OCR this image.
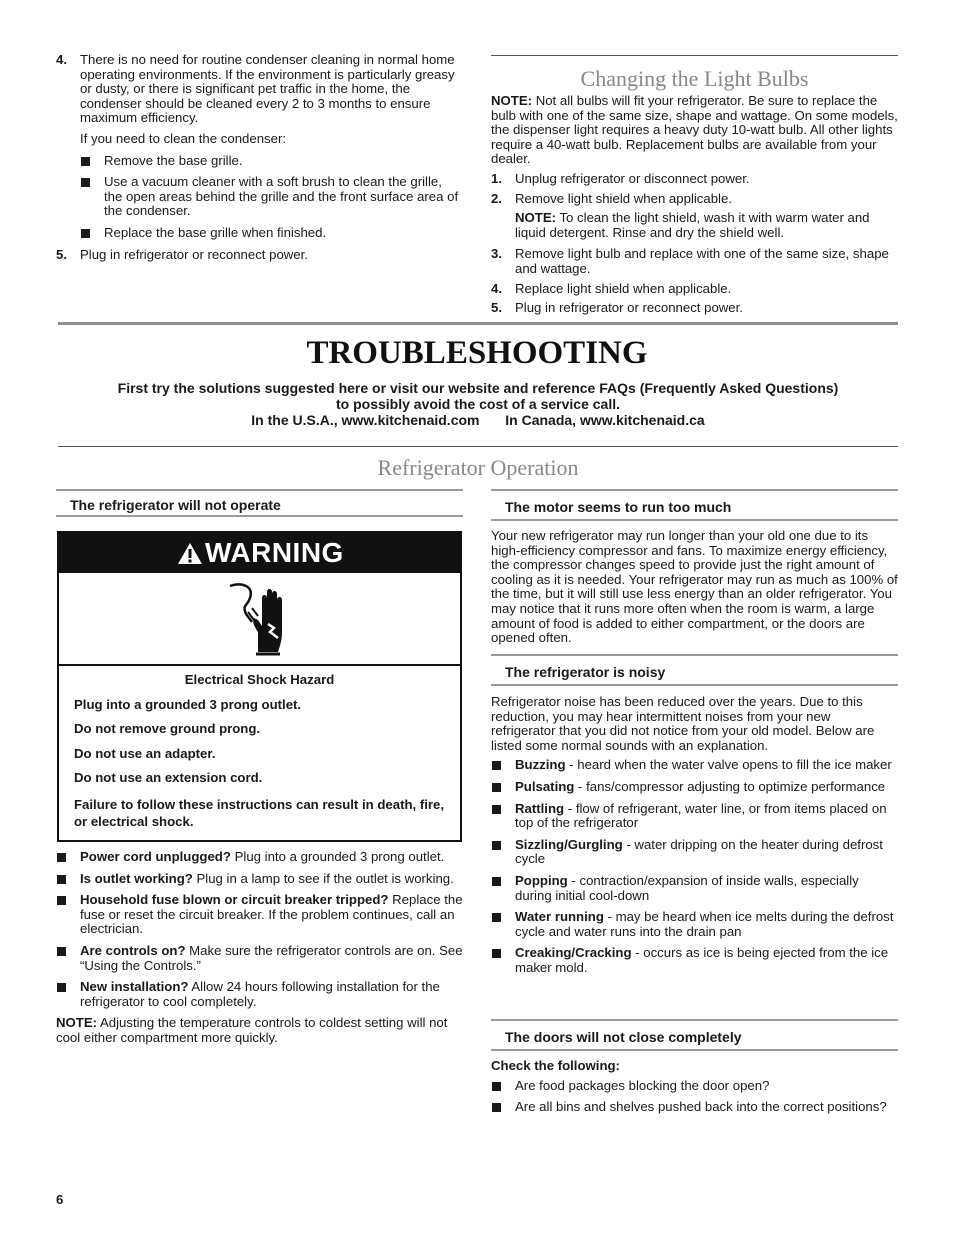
4. There is no need for routine condenser cleaning in normal home operating environments. If the environment is particularly greasy or dusty, or there is significant pet traffic in the home, the condenser should be cleaned every 2 to 3 months to ensure maximum efficiency.
If you need to clean the condenser:
Remove the base grille.
Use a vacuum cleaner with a soft brush to clean the grille, the open areas behind the grille and the front surface area of the condenser.
Replace the base grille when finished.
5. Plug in refrigerator or reconnect power.
Changing the Light Bulbs
NOTE: Not all bulbs will fit your refrigerator. Be sure to replace the bulb with one of the same size, shape and wattage. On some models, the dispenser light requires a heavy duty 10-watt bulb. All other lights require a 40-watt bulb. Replacement bulbs are available from your dealer.
1. Unplug refrigerator or disconnect power.
2. Remove light shield when applicable.
NOTE: To clean the light shield, wash it with warm water and liquid detergent. Rinse and dry the shield well.
3. Remove light bulb and replace with one of the same size, shape and wattage.
4. Replace light shield when applicable.
5. Plug in refrigerator or reconnect power.
TROUBLESHOOTING
First try the solutions suggested here or visit our website and reference FAQs (Frequently Asked Questions)
to possibly avoid the cost of a service call.
In the U.S.A., www.kitchenaid.com In Canada, www.kitchenaid.ca
Refrigerator Operation
The refrigerator will not operate
WARNING
Electrical Shock Hazard
Plug into a grounded 3 prong outlet.
Do not remove ground prong.
Do not use an adapter.
Do not use an extension cord.
Failure to follow these instructions can result in death, fire, or electrical shock.
Power cord unplugged? Plug into a grounded 3 prong outlet.
Is outlet working? Plug in a lamp to see if the outlet is working.
Household fuse blown or circuit breaker tripped? Replace the fuse or reset the circuit breaker. If the problem continues, call an electrician.
Are controls on? Make sure the refrigerator controls are on. See “Using the Controls.”
New installation? Allow 24 hours following installation for the refrigerator to cool completely.
NOTE: Adjusting the temperature controls to coldest setting will not cool either compartment more quickly.
The motor seems to run too much
Your new refrigerator may run longer than your old one due to its high-efficiency compressor and fans. To maximize energy efficiency, the compressor changes speed to provide just the right amount of cooling as it is needed. Your refrigerator may run as much as 100% of the time, but it will still use less energy than an older refrigerator. You may notice that it runs more often when the room is warm, a large amount of food is added to either compartment, or the doors are opened often.
The refrigerator is noisy
Refrigerator noise has been reduced over the years. Due to this reduction, you may hear intermittent noises from your new refrigerator that you did not notice from your old model. Below are listed some normal sounds with an explanation.
Buzzing - heard when the water valve opens to fill the ice maker
Pulsating - fans/compressor adjusting to optimize performance
Rattling - flow of refrigerant, water line, or from items placed on top of the refrigerator
Sizzling/Gurgling - water dripping on the heater during defrost cycle
Popping - contraction/expansion of inside walls, especially during initial cool-down
Water running - may be heard when ice melts during the defrost cycle and water runs into the drain pan
Creaking/Cracking - occurs as ice is being ejected from the ice maker mold.
The doors will not close completely
Check the following:
Are food packages blocking the door open?
Are all bins and shelves pushed back into the correct positions?
6
